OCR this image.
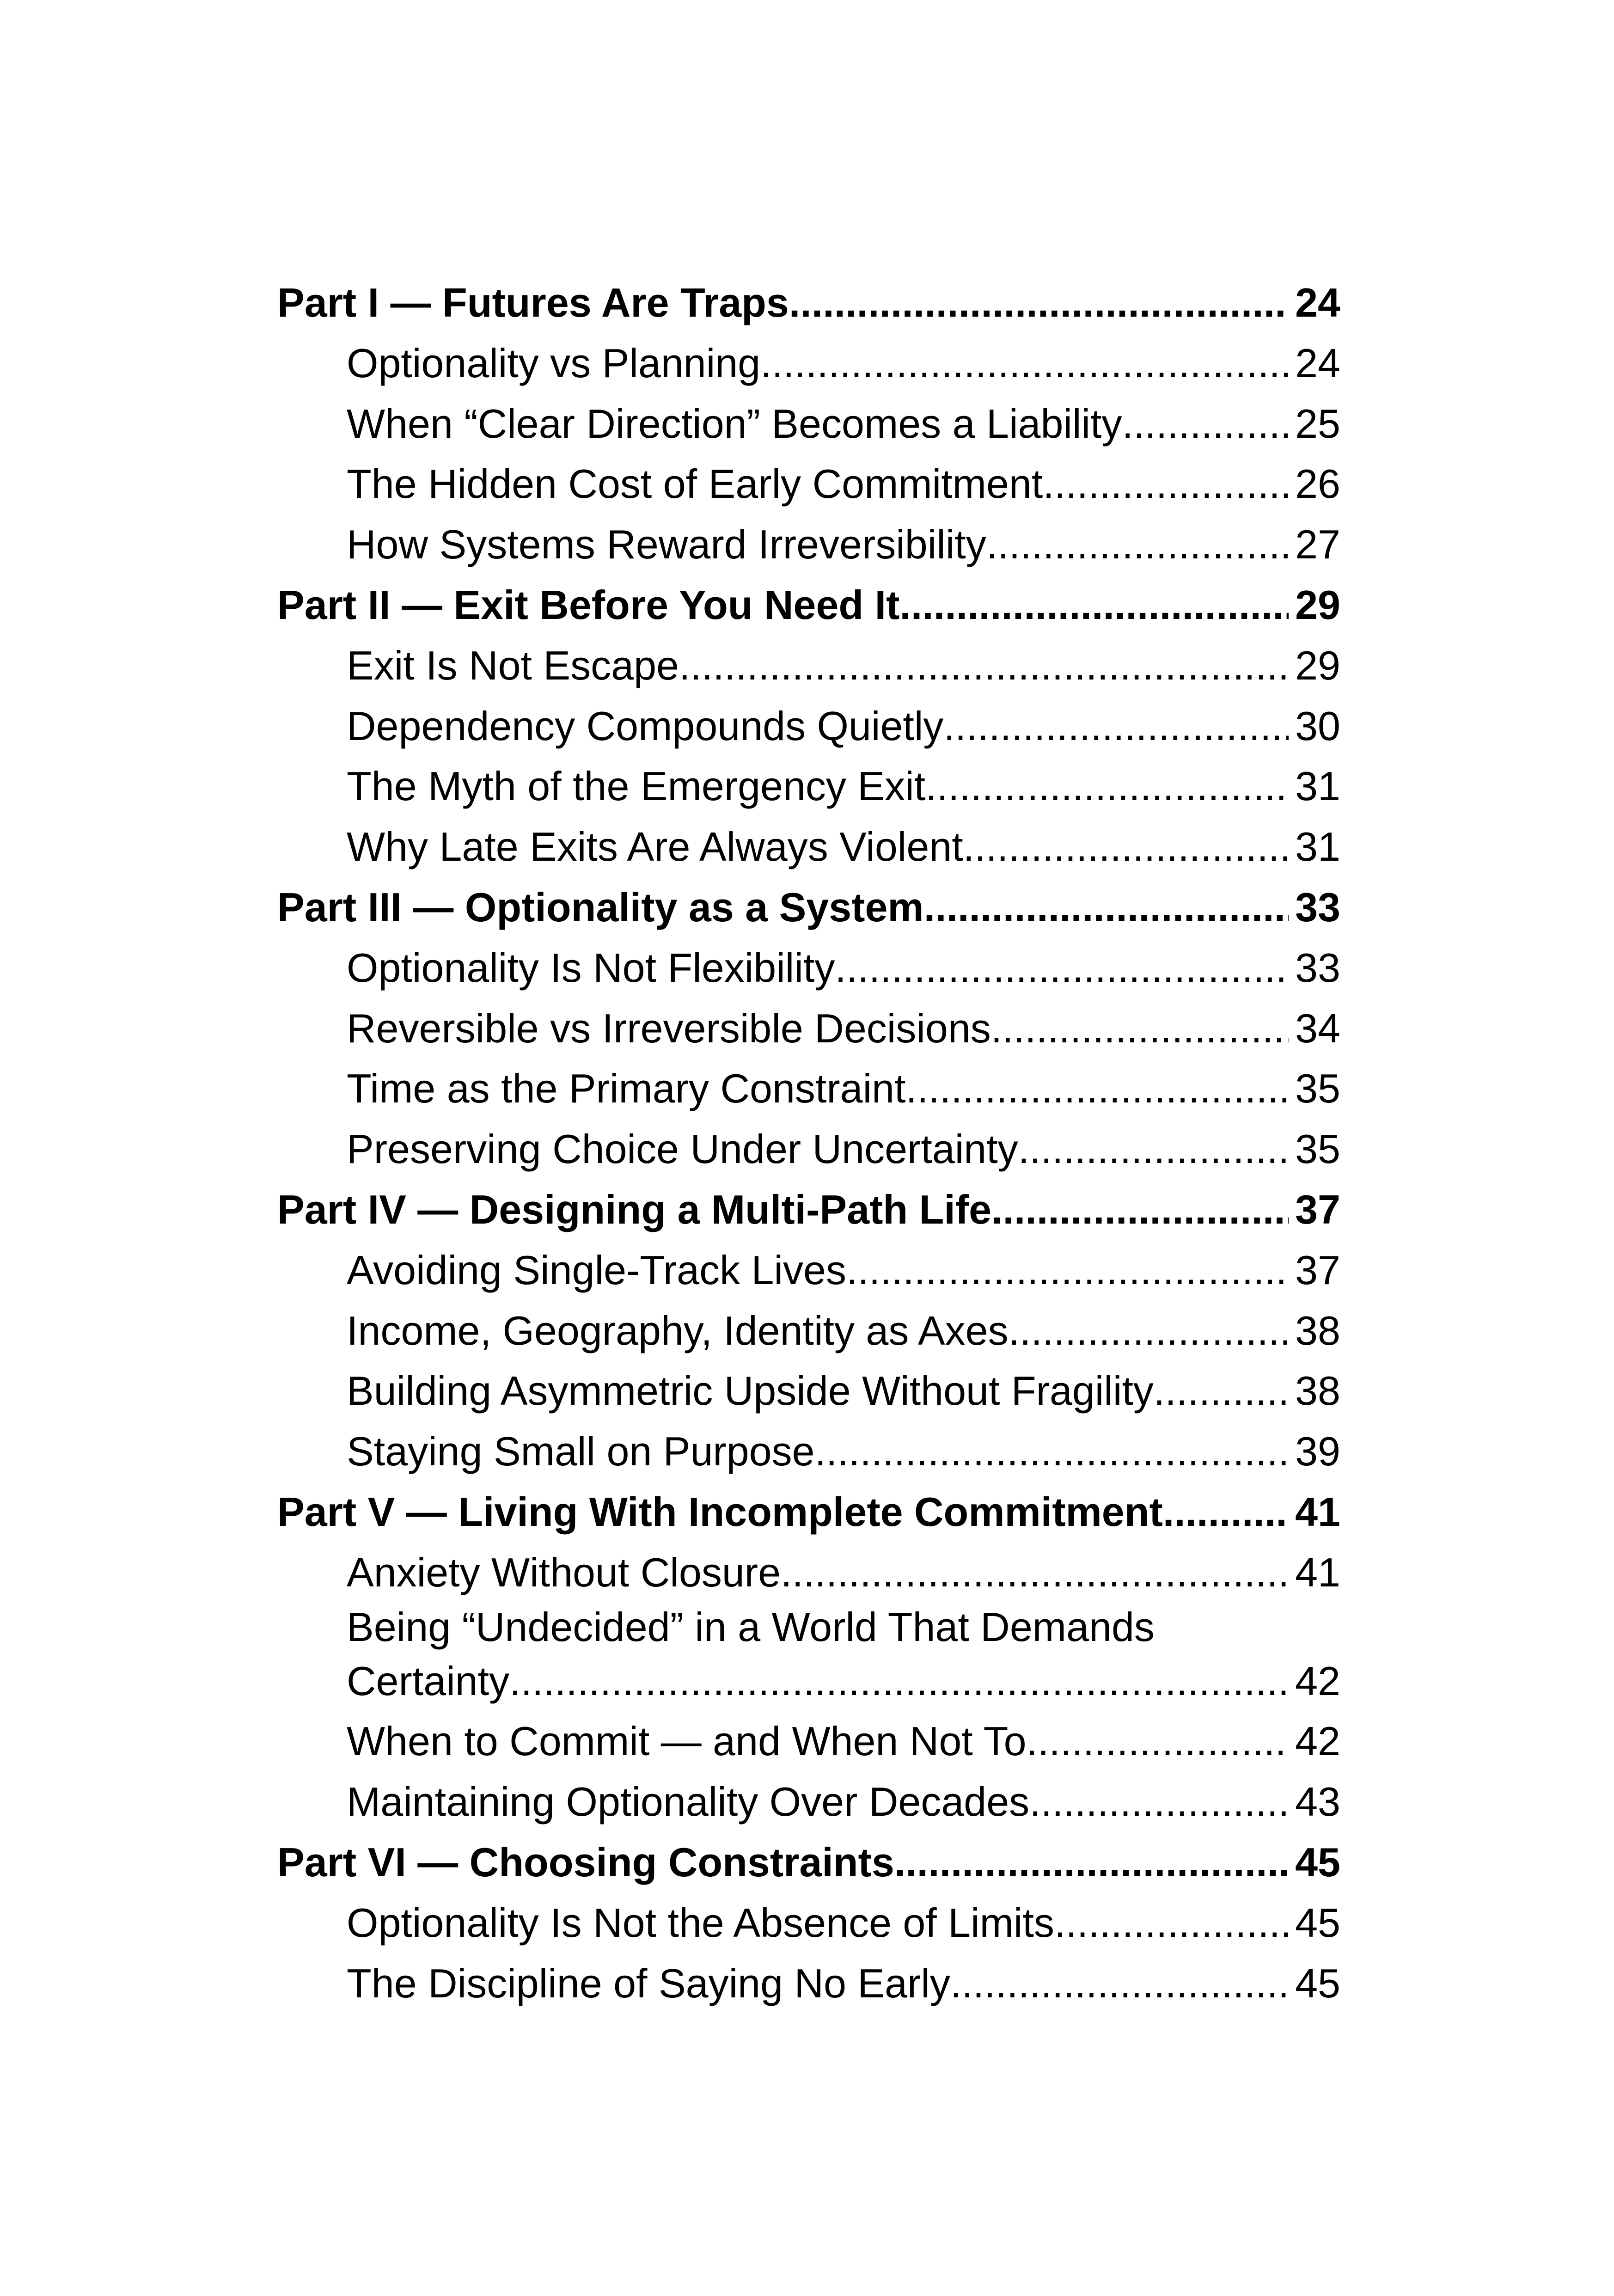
Part I — Futures Are Traps .....	24
Optionality vs Planning .....	24
When “Clear Direction” Becomes a Liability .....	25
The Hidden Cost of Early Commitment .....	26
How Systems Reward Irreversibility .....	27
Part II — Exit Before You Need It .....	29
Exit Is Not Escape .....	29
Dependency Compounds Quietly .....	30
The Myth of the Emergency Exit .....	31
Why Late Exits Are Always Violent .....	31
Part III — Optionality as a System .....	33
Optionality Is Not Flexibility .....	33
Reversible vs Irreversible Decisions .....	34
Time as the Primary Constraint .....	35
Preserving Choice Under Uncertainty .....	35
Part IV — Designing a Multi-Path Life .....	37
Avoiding Single-Track Lives .....	37
Income, Geography, Identity as Axes .....	38
Building Asymmetric Upside Without Fragility .....	38
Staying Small on Purpose .....	39
Part V — Living With Incomplete Commitment .....	41
Anxiety Without Closure .....	41
Being “Undecided” in a World That Demands
Certainty .....	42
When to Commit — and When Not To .....	42
Maintaining Optionality Over Decades .....	43
Part VI — Choosing Constraints .....	45
Optionality Is Not the Absence of Limits .....	45
The Discipline of Saying No Early .....	45
